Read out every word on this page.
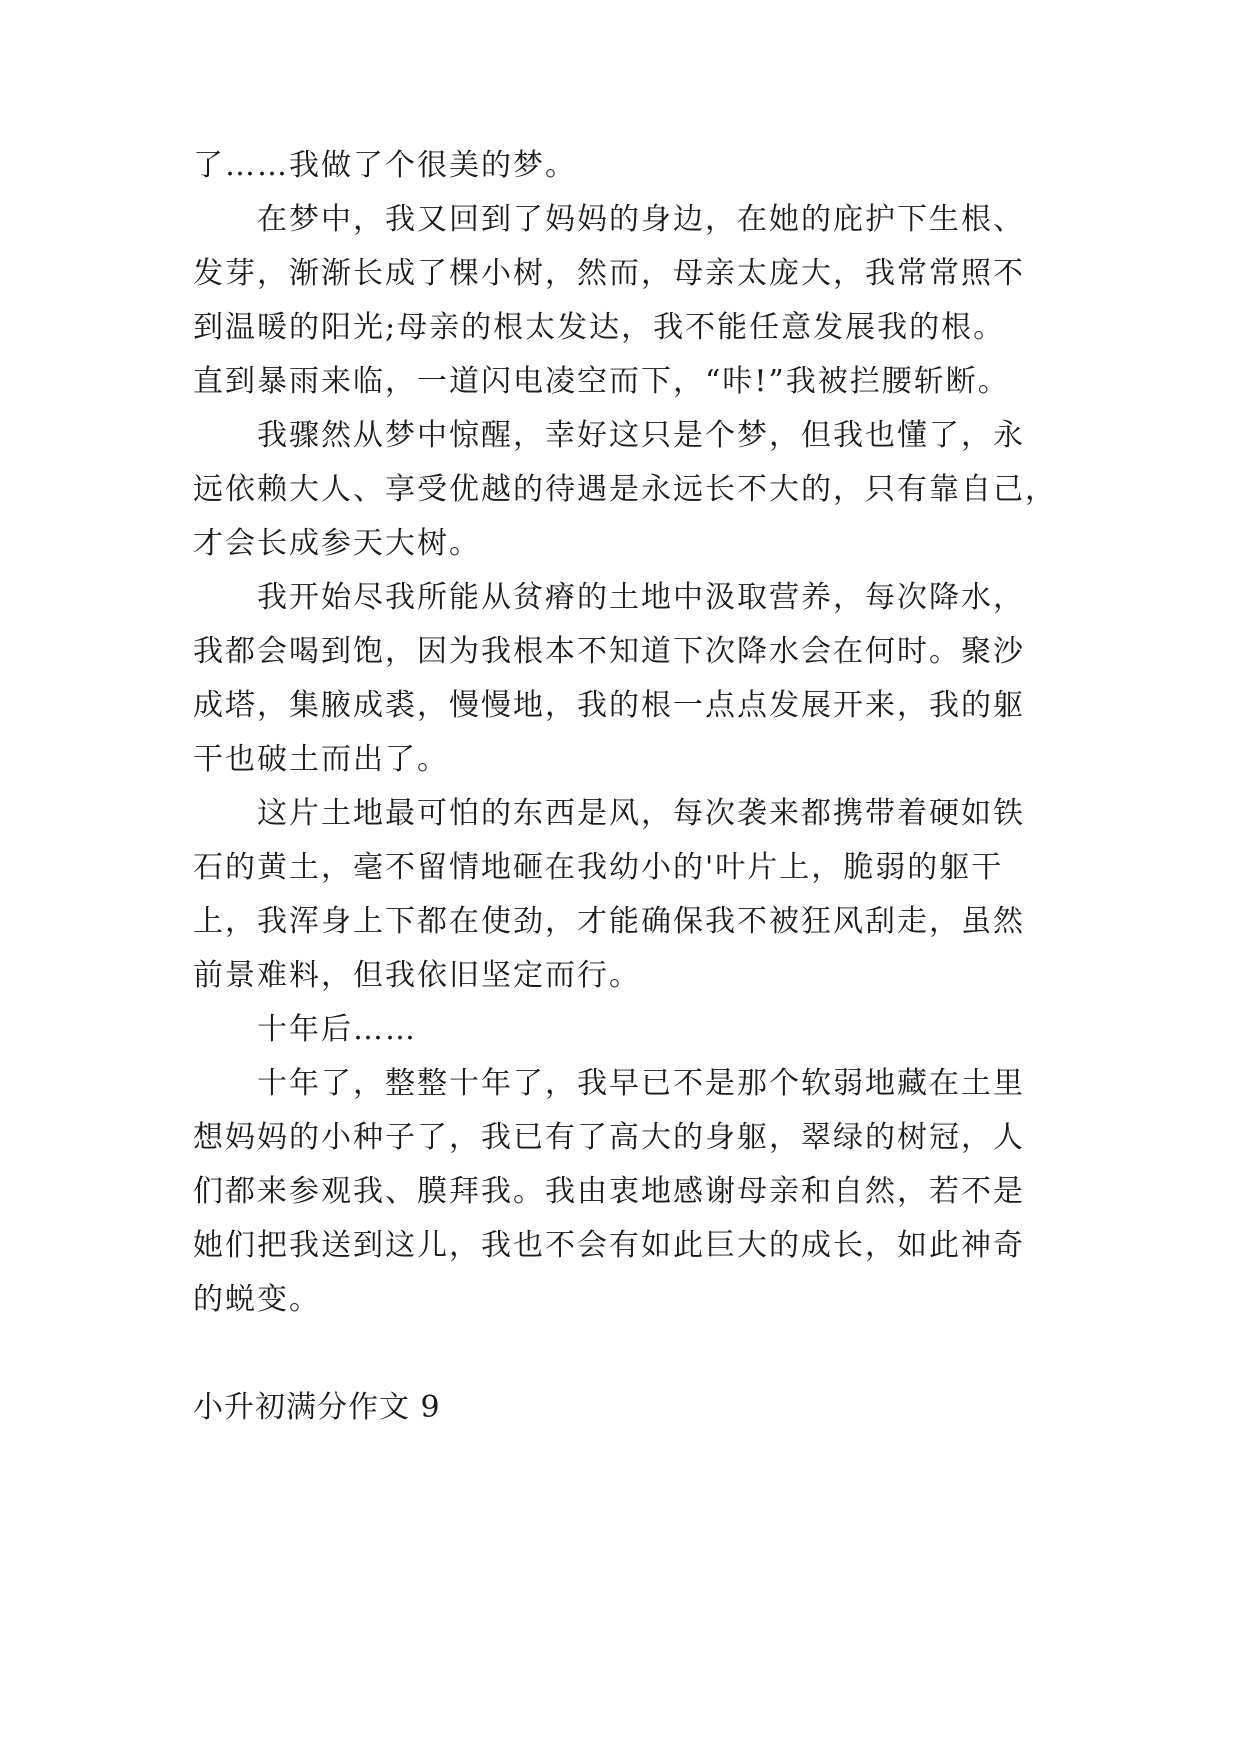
了……我做了个很美的梦。
在梦中，我又回到了妈妈的身边，在她的庇护下生根、
发芽，渐渐长成了棵小树，然而，母亲太庞大，我常常照不
到温暖的阳光;母亲的根太发达，我不能任意发展我的根。
直到暴雨来临，一道闪电凌空而下，“咔!”我被拦腰斩断。
我骤然从梦中惊醒，幸好这只是个梦，但我也懂了，永
远依赖大人、享受优越的待遇是永远长不大的，只有靠自己，
才会长成参天大树。
我开始尽我所能从贫瘠的土地中汲取营养，每次降水，
我都会喝到饱，因为我根本不知道下次降水会在何时。聚沙
成塔，集腋成裘，慢慢地，我的根一点点发展开来，我的躯
干也破土而出了。
这片土地最可怕的东西是风，每次袭来都携带着硬如铁
石的黄土，毫不留情地砸在我幼小的'叶片上，脆弱的躯干
上，我浑身上下都在使劲，才能确保我不被狂风刮走，虽然
前景难料，但我依旧坚定而行。
十年后……
十年了，整整十年了，我早已不是那个软弱地藏在土里
想妈妈的小种子了，我已有了高大的身躯，翠绿的树冠，人
们都来参观我、膜拜我。我由衷地感谢母亲和自然，若不是
她们把我送到这儿，我也不会有如此巨大的成长，如此神奇
的蜕变。
小升初满分作文 9
